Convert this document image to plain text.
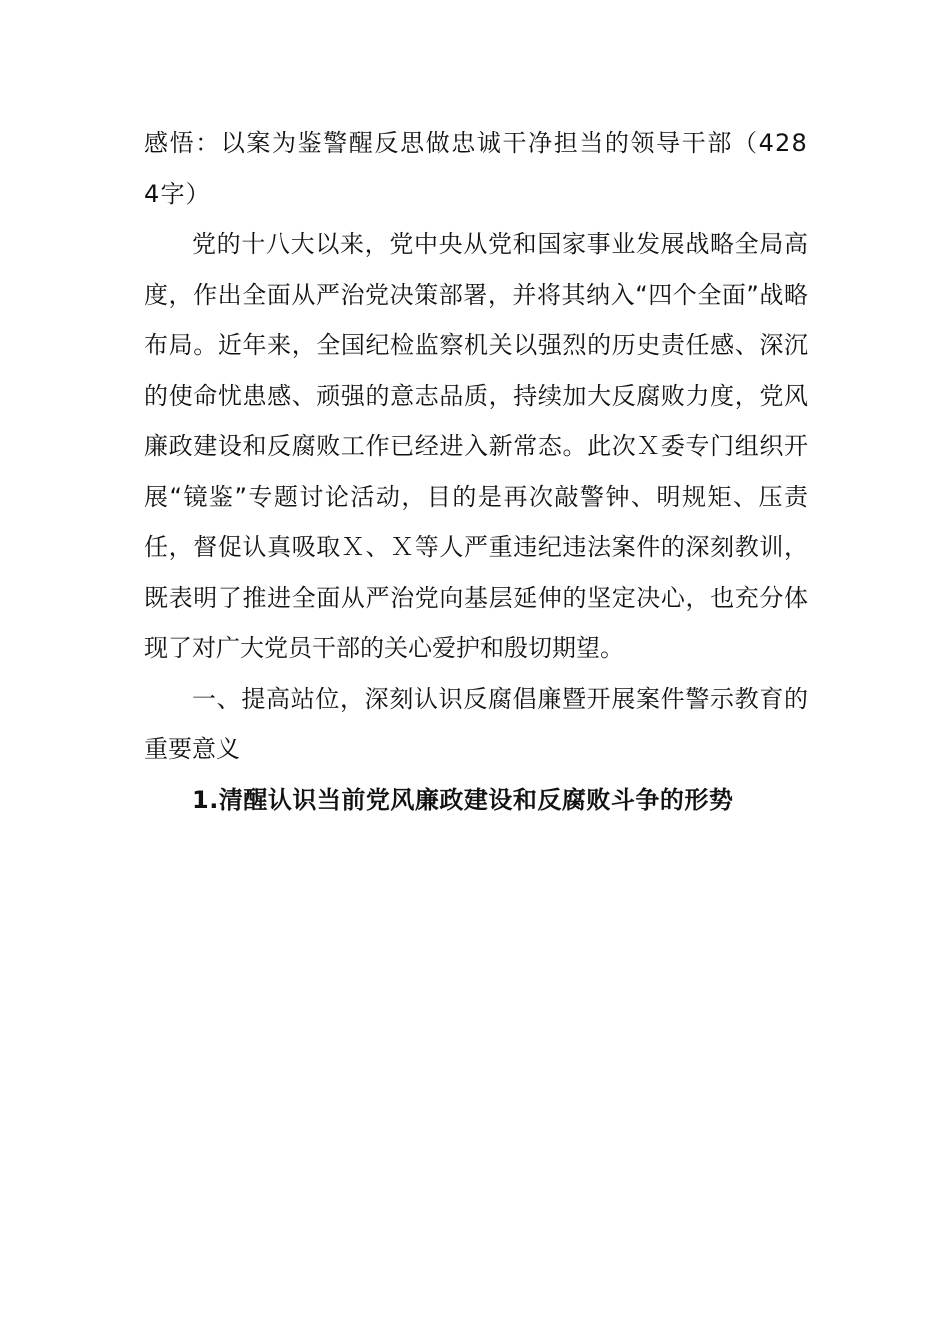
感悟：以案为鉴警醒反思做忠诚干净担当的领导干部（4284字）

党的十八大以来，党中央从党和国家事业发展战略全局高度，作出全面从严治党决策部署，并将其纳入“四个全面”战略布局。近年来，全国纪检监察机关以强烈的历史责任感、深沉的使命忧患感、顽强的意志品质，持续加大反腐败力度，党风廉政建设和反腐败工作已经进入新常态。此次Ｘ委专门组织开展“镜鉴”专题讨论活动，目的是再次敲警钟、明规矩、压责任，督促认真吸取Ｘ、Ｘ等人严重违纪违法案件的深刻教训，既表明了推进全面从严治党向基层延伸的坚定决心，也充分体现了对广大党员干部的关心爱护和殷切期望。

一、提高站位，深刻认识反腐倡廉暨开展案件警示教育的重要意义

1.清醒认识当前党风廉政建设和反腐败斗争的形势
